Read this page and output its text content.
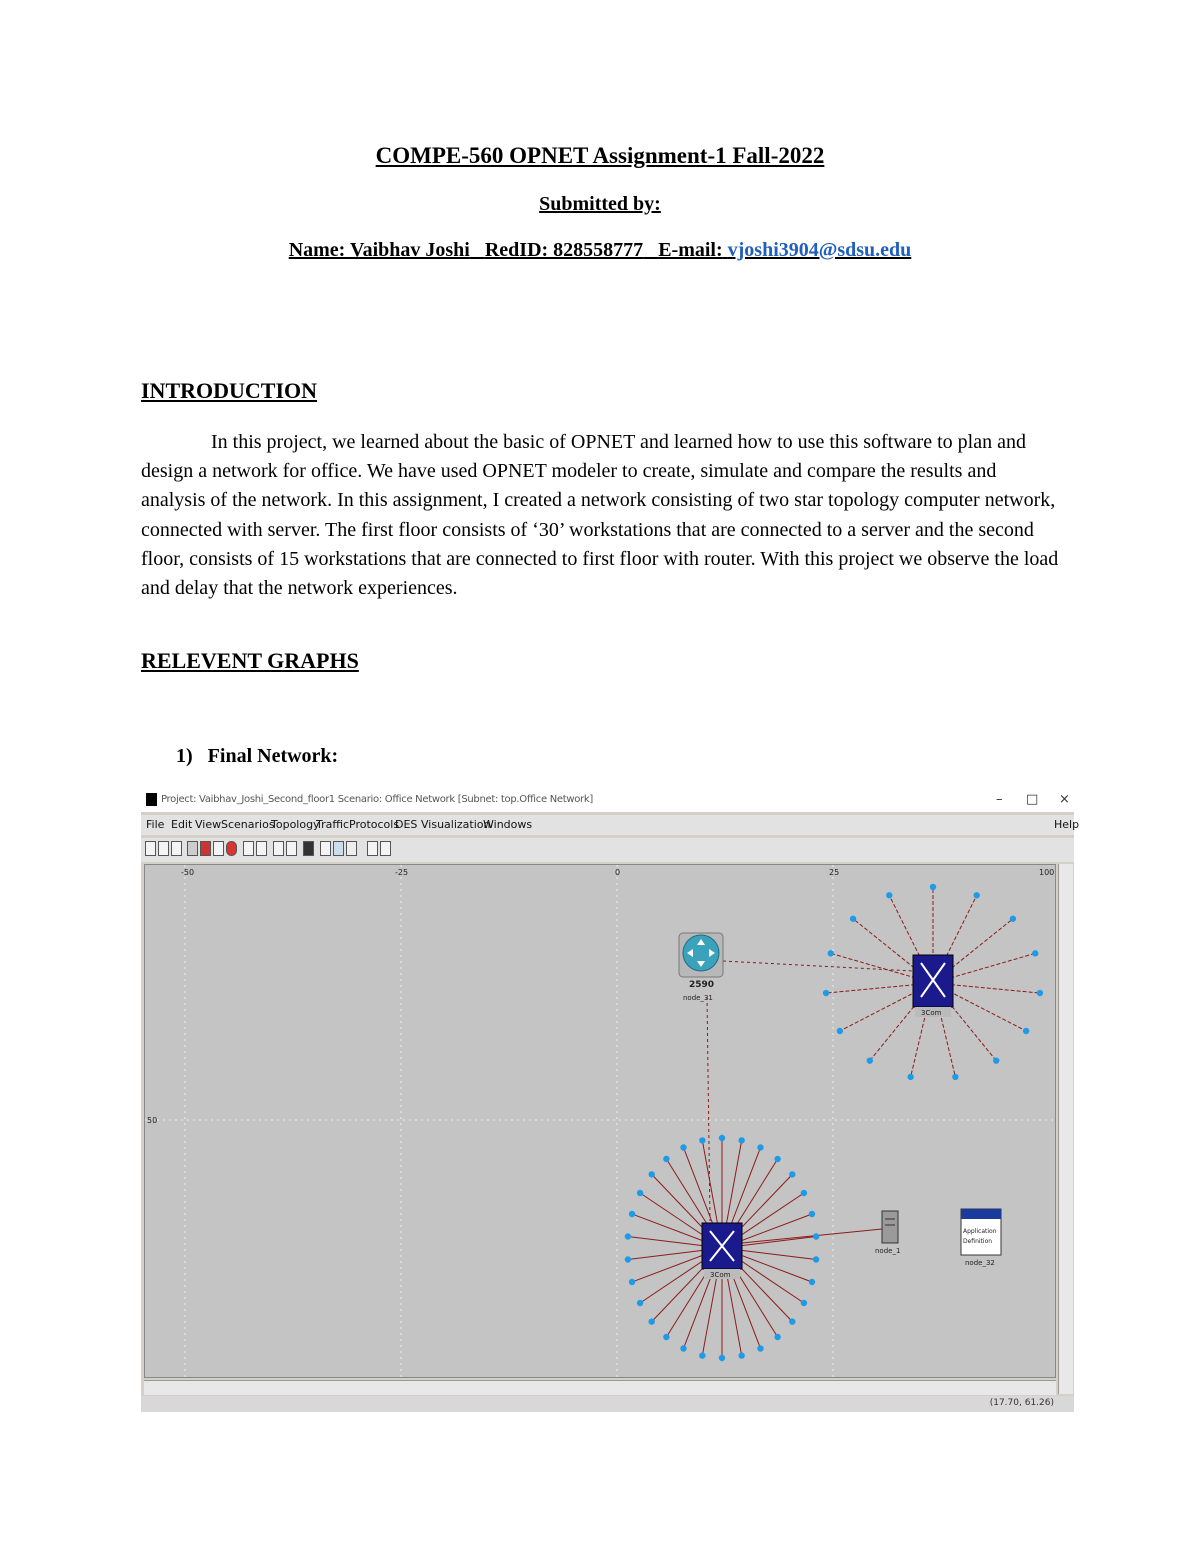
COMPE-560 OPNET Assignment-1 Fall-2022
Submitted by:
Name: Vaibhav Joshi RedID: 828558777 E-mail: vjoshi3904@sdsu.edu
INTRODUCTION

In this project, we learned about the basic of OPNET and learned how to use this software to plan and design a network for office. We have used OPNET modeler to create, simulate and compare the results and analysis of the network. In this assignment, I created a network consisting of two star topology computer network, connected with server. The first floor consists of ‘30’ workstations that are connected to a server and the second floor, consists of 15 workstations that are connected to first floor with router. With this project we observe the load and delay that the network experiences.

RELEVENT GRAPHS
1) Final Network:
Project: Vaibhav_Joshi_Second_floor1 Scenario: Office Network [Subnet: top.Office Network]	– □ ×
File Edit View Scenarios
Topology
Traffic Protocols
DES Visualization
Windows	Help
-50	-25	0	25	100
50
2590
node_31
3Com
3Com
node_1
Application
Definition
node_32
(17.70, 61.26)
